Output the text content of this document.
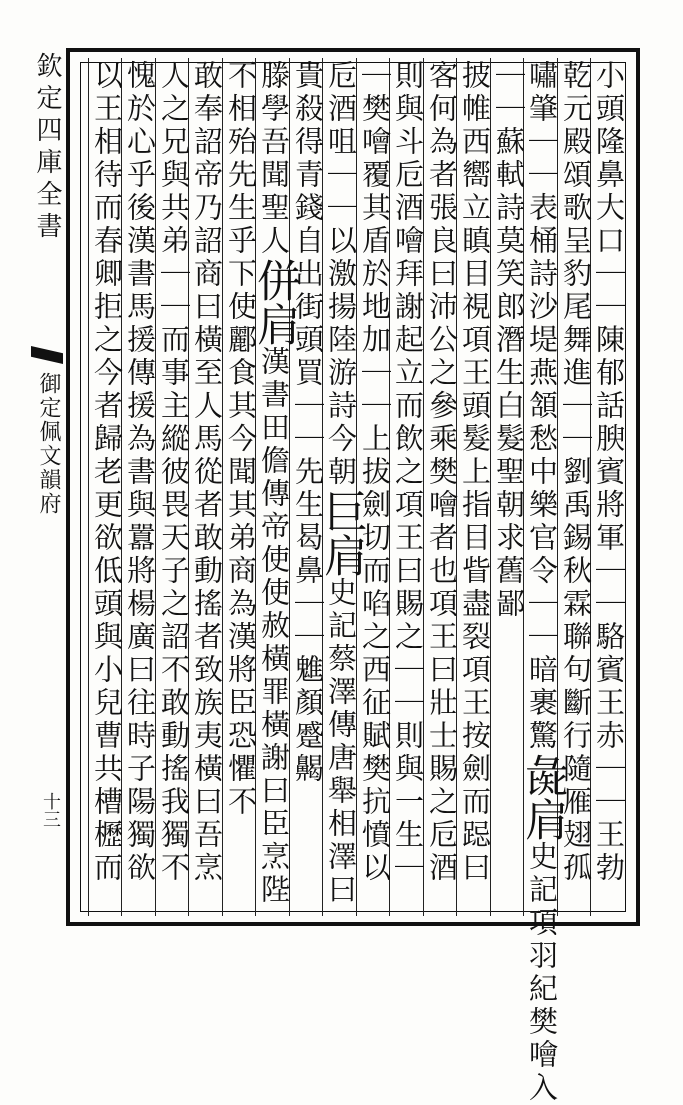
欽定四庫全書
御定佩文韻府
十三	小頭隆鼻大口｜｜陳郁話腴賓將軍｜｜駱賓王赤｜｜王勃
乾元殿頌歌呈豹尾舞進｜｜劉禹錫秋霖聯句斷行隨雁翅孤
嘯肇｜｜表桶詩沙堤燕頷愁中樂官令｜｜暗裹驚彘肩史記項羽紀樊噲入
｜｜蘇軾詩莫笑郎潛生白髮聖朝求舊鄙
披帷西嚮立瞋目視項王頭髮上指目眥盡裂項王按劍而跽曰
客何為者張良曰沛公之參乘樊噲者也項王曰壯士賜之卮酒
則與斗卮酒噲拜謝起立而飲之項王曰賜之｜｜則與一生｜
｜樊噲覆其盾於地加｜｜上拔劍切而啗之西征賦樊抗憤以
卮酒咀｜｜以激揚陸游詩今朝巨肩史記蔡澤傳唐舉相澤曰
貴殺得青錢自出街頭買｜｜先生曷鼻｜｜魋顏蹙齃
滕學吾聞聖人併肩漢書田儋傳帝使使赦橫罪橫謝曰臣烹陛
不相殆先生乎下使酈食其今聞其弟商為漢將臣恐懼不
敢奉詔帝乃詔商曰橫至人馬從者敢動搖者致族夷橫曰吾烹
人之兄與共弟｜｜而事主縱彼畏天子之詔不敢動搖我獨不
愧於心乎後漢書馬援傳援為書與囂將楊廣曰往時子陽獨欲
以王相待而春卿拒之今者歸老更欲低頭與小兒曹共槽櫪而
